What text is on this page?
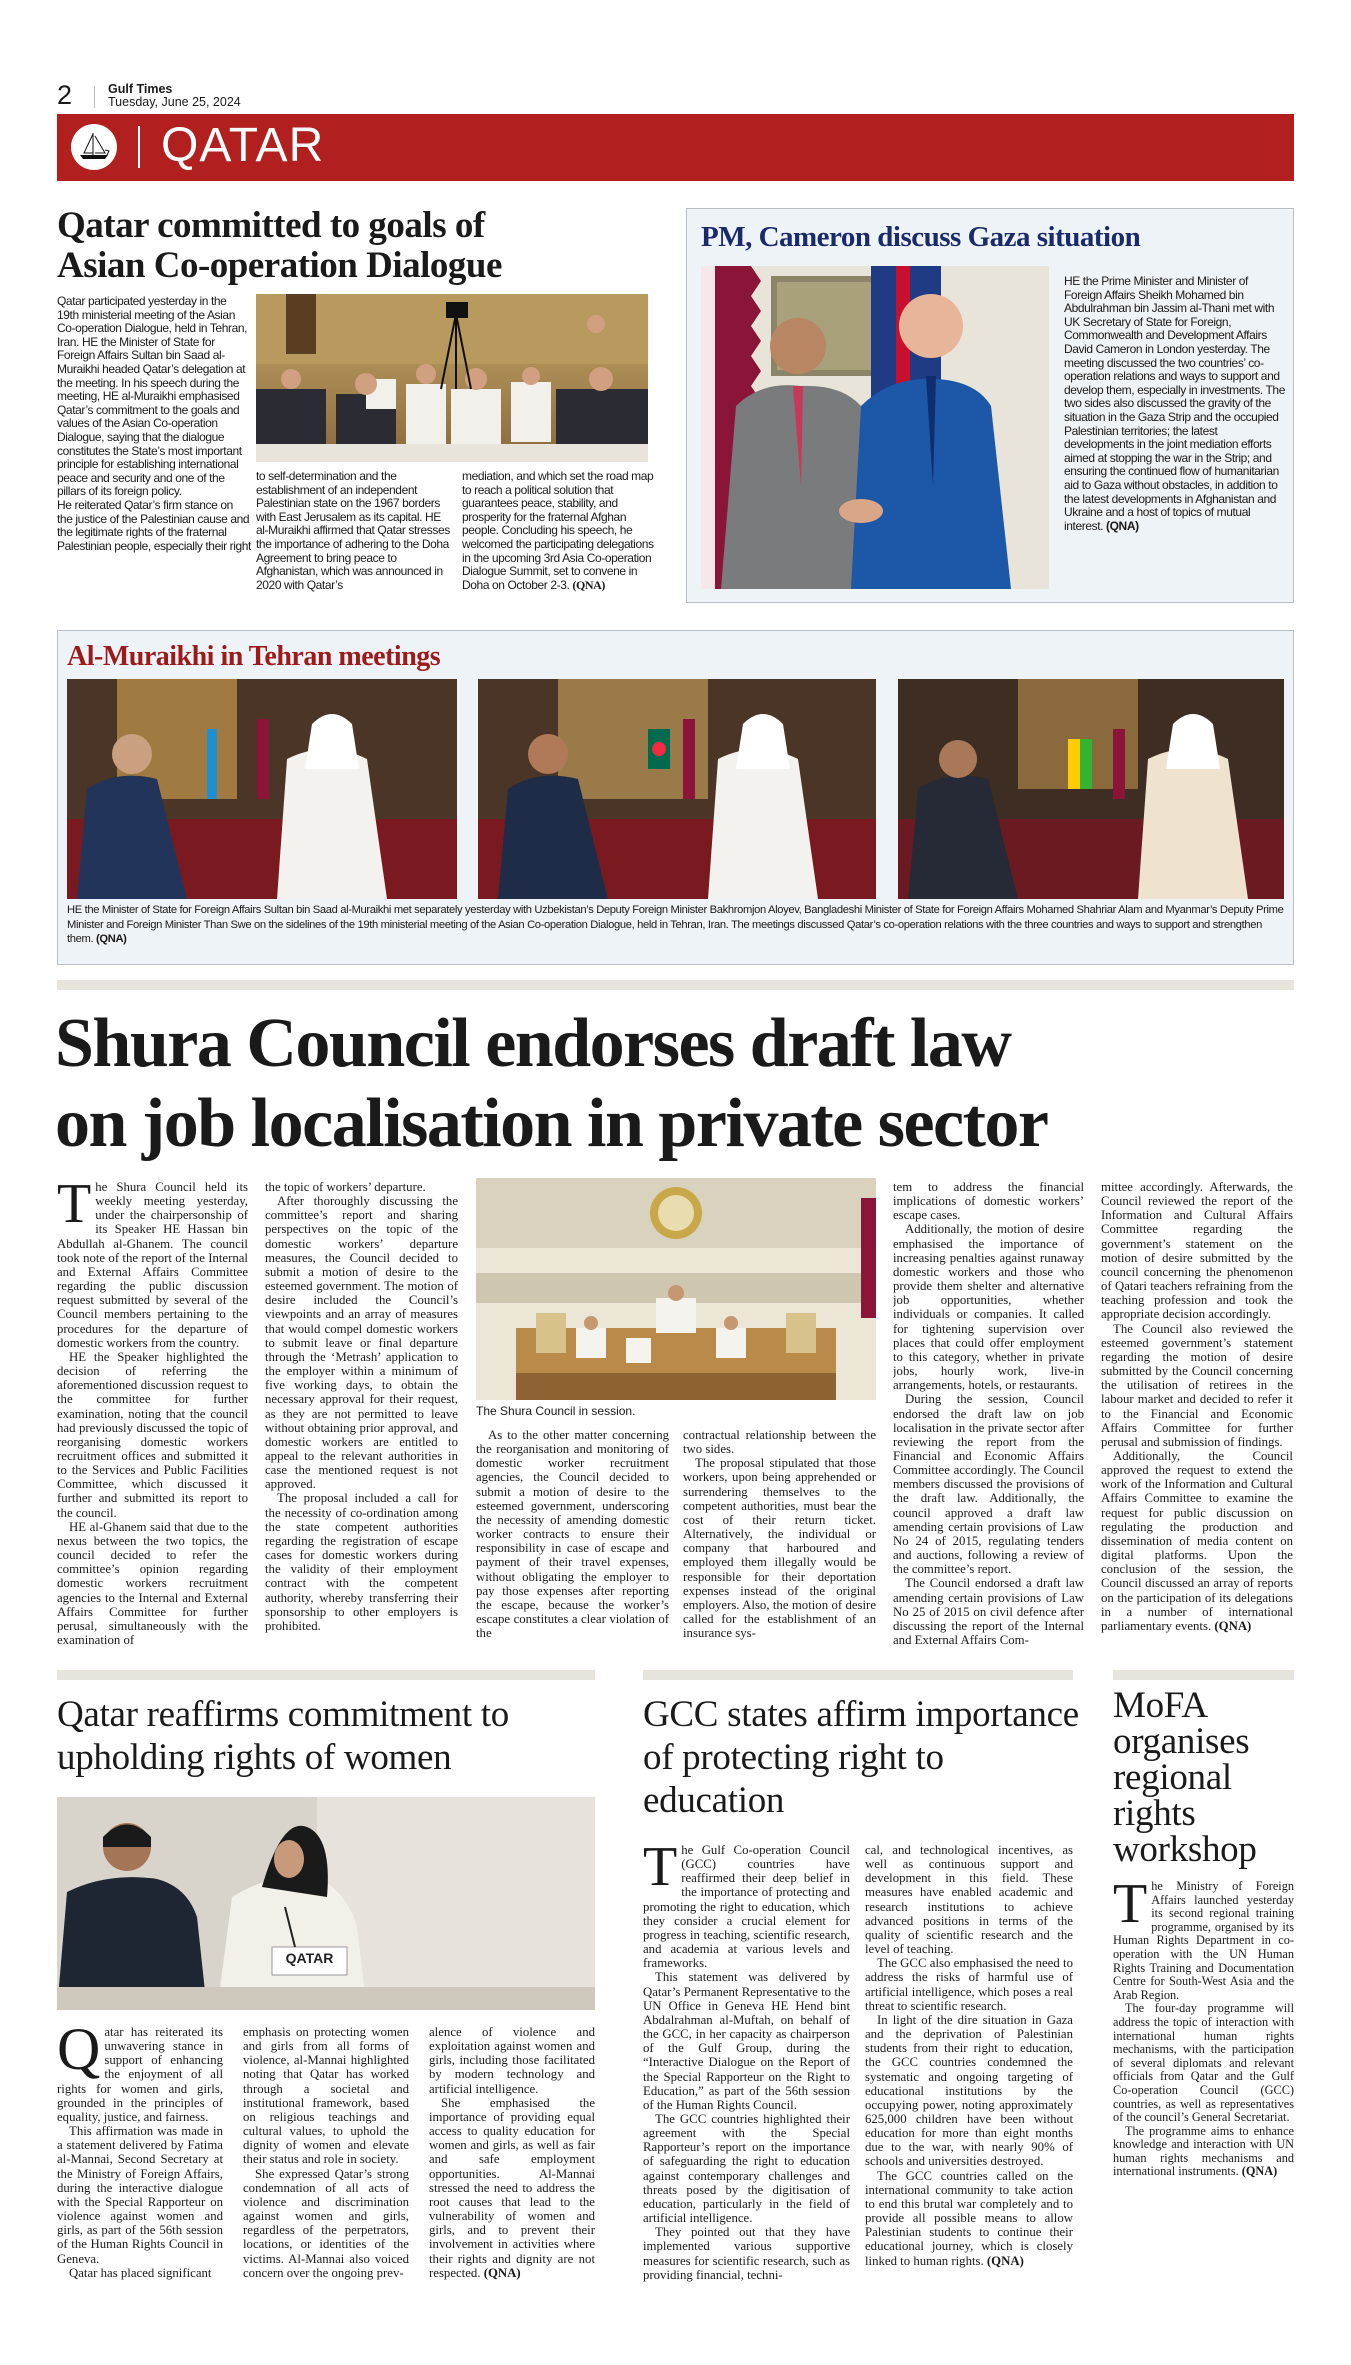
2	Gulf Times
Tuesday, June 25, 2024
QATAR
Qatar committed to goals of
Asian Co-operation Dialogue

Qatar participated yesterday in the 19th ministerial meeting of the Asian Co-operation Dialogue, held in Tehran, Iran. HE the Minister of State for Foreign Affairs Sultan bin Saad al-Muraikhi headed Qatar’s delegation at the meeting. In his speech during the meeting, HE al-Muraikhi emphasised Qatar’s commitment to the goals and values of the Asian Co-operation Dialogue, saying that the dialogue constitutes the State’s most important principle for establishing international peace and security and one of the pillars of its foreign policy.

He reiterated Qatar’s firm stance on the justice of the Palestinian cause and the legitimate rights of the fraternal Palestinian people, especially their right

to self-determination and the establishment of an independent Palestinian state on the 1967 borders with East Jerusalem as its capital. HE al-Muraikhi affirmed that Qatar stresses the importance of adhering to the Doha Agreement to bring peace to Afghanistan, which was announced in 2020 with Qatar’s

mediation, and which set the road map to reach a political solution that guarantees peace, stability, and prosperity for the fraternal Afghan people. Concluding his speech, he welcomed the participating delegations in the upcoming 3rd Asia Co-operation Dialogue Summit, set to convene in Doha on October 2-3. (QNA)

PM, Cameron discuss Gaza situation

HE the Prime Minister and Minister of Foreign Affairs Sheikh Mohamed bin Abdulrahman bin Jassim al-Thani met with UK Secretary of State for Foreign, Commonwealth and Development Affairs David Cameron in London yesterday. The meeting discussed the two countries’ co-operation relations and ways to support and develop them, especially in investments. The two sides also discussed the gravity of the situation in the Gaza Strip and the occupied Palestinian territories; the latest developments in the joint mediation efforts aimed at stopping the war in the Strip; and ensuring the continued flow of humanitarian aid to Gaza without obstacles, in addition to the latest developments in Afghanistan and Ukraine and a host of topics of mutual interest. (QNA)

Al-Muraikhi in Tehran meetings
HE the Minister of State for Foreign Affairs Sultan bin Saad al-Muraikhi met separately yesterday with Uzbekistan’s Deputy Foreign Minister Bakhromjon Aloyev, Bangladeshi Minister of State for Foreign Affairs Mohamed Shahriar Alam and Myanmar’s Deputy Prime Minister and Foreign Minister Than Swe on the sidelines of the 19th ministerial meeting of the Asian Co-operation Dialogue, held in Tehran, Iran. The meetings discussed Qatar’s co-operation relations with the three countries and ways to support and strengthen them. (QNA)
Shura Council endorses draft law
on job localisation in private sector

The Shura Council held its weekly meeting yesterday, under the chairpersonship of its Speaker HE Hassan bin Abdullah al-Ghanem. The council took note of the report of the Internal and External Affairs Committee regarding the public discussion request submitted by several of the Council members pertaining to the procedures for the departure of domestic workers from the country.

HE the Speaker highlighted the decision of referring the aforementioned discussion request to the committee for further examination, noting that the council had previously discussed the topic of reorganising domestic workers recruitment offices and submitted it to the Services and Public Facilities Committee, which discussed it further and submitted its report to the council.

HE al-Ghanem said that due to the nexus between the two topics, the council decided to refer the committee’s opinion regarding domestic workers recruitment agencies to the Internal and External Affairs Committee for further perusal, simultaneously with the examination of

the topic of workers’ departure.

After thoroughly discussing the committee’s report and sharing perspectives on the topic of the domestic workers’ departure measures, the Council decided to submit a motion of desire to the esteemed government. The motion of desire included the Council’s viewpoints and an array of measures that would compel domestic workers to submit leave or final departure through the ‘Metrash’ application to the employer within a minimum of five working days, to obtain the necessary approval for their request, as they are not permitted to leave without obtaining prior approval, and domestic workers are entitled to appeal to the relevant authorities in case the mentioned request is not approved.

The proposal included a call for the necessity of co-ordination among the state competent authorities regarding the registration of escape cases for domestic workers during the validity of their employment contract with the competent authority, whereby transferring their sponsorship to other employers is prohibited.

The Shura Council in session.

As to the other matter concerning the reorganisation and monitoring of domestic worker recruitment agencies, the Council decided to submit a motion of desire to the esteemed government, underscoring the necessity of amending domestic worker contracts to ensure their responsibility in case of escape and payment of their travel expenses, without obligating the employer to pay those expenses after reporting the escape, because the worker’s escape constitutes a clear violation of the

contractual relationship between the two sides.

The proposal stipulated that those workers, upon being apprehended or surrendering themselves to the competent authorities, must bear the cost of their return ticket. Alternatively, the individual or company that harboured and employed them illegally would be responsible for their deportation expenses instead of the original employers. Also, the motion of desire called for the establishment of an insurance sys-

tem to address the financial implications of domestic workers’ escape cases.

Additionally, the motion of desire emphasised the importance of increasing penalties against runaway domestic workers and those who provide them shelter and alternative job opportunities, whether individuals or companies. It called for tightening supervision over places that could offer employment to this category, whether in private jobs, hourly work, live-in arrangements, hotels, or restaurants.

During the session, Council endorsed the draft law on job localisation in the private sector after reviewing the report from the Financial and Economic Affairs Committee accordingly. The Council members discussed the provisions of the draft law. Additionally, the council approved a draft law amending certain provisions of Law No 24 of 2015, regulating tenders and auctions, following a review of the committee’s report.

The Council endorsed a draft law amending certain provisions of Law No 25 of 2015 on civil defence after discussing the report of the Internal and External Affairs Com-

mittee accordingly. Afterwards, the Council reviewed the report of the Information and Cultural Affairs Committee regarding the government’s statement on the motion of desire submitted by the council concerning the phenomenon of Qatari teachers refraining from the teaching profession and took the appropriate decision accordingly.

The Council also reviewed the esteemed government’s statement regarding the motion of desire submitted by the Council concerning the utilisation of retirees in the labour market and decided to refer it to the Financial and Economic Affairs Committee for further perusal and submission of findings.

Additionally, the Council approved the request to extend the work of the Information and Cultural Affairs Committee to examine the request for public discussion on regulating the production and dissemination of media content on digital platforms. Upon the conclusion of the session, the Council discussed an array of reports on the participation of its delegations in a number of international parliamentary events. (QNA)

Qatar reaffirms commitment to upholding rights of women
QATAR

Qatar has reiterated its unwavering stance in support of enhancing the enjoyment of all rights for women and girls, grounded in the principles of equality, justice, and fairness.

This affirmation was made in a statement delivered by Fatima al-Mannai, Second Secretary at the Ministry of Foreign Affairs, during the interactive dialogue with the Special Rapporteur on violence against women and girls, as part of the 56th session of the Human Rights Council in Geneva.

Qatar has placed significant

emphasis on protecting women and girls from all forms of violence, al-Mannai highlighted noting that Qatar has worked through a societal and institutional framework, based on religious teachings and cultural values, to uphold the dignity of women and elevate their status and role in society.

She expressed Qatar’s strong condemnation of all acts of violence and discrimination against women and girls, regardless of the perpetrators, locations, or identities of the victims. Al-Mannai also voiced concern over the ongoing prev-

alence of violence and exploitation against women and girls, including those facilitated by modern technology and artificial intelligence.

She emphasised the importance of providing equal access to quality education for women and girls, as well as fair and safe employment opportunities. Al-Mannai stressed the need to address the root causes that lead to the vulnerability of women and girls, and to prevent their involvement in activities where their rights and dignity are not respected. (QNA)

GCC states affirm importance of protecting right to education

The Gulf Co-operation Council (GCC) countries have reaffirmed their deep belief in the importance of protecting and promoting the right to education, which they consider a crucial element for progress in teaching, scientific research, and academia at various levels and frameworks.

This statement was delivered by Qatar’s Permanent Representative to the UN Office in Geneva HE Hend bint Abdalrahman al-Muftah, on behalf of the GCC, in her capacity as chairperson of the Gulf Group, during the “Interactive Dialogue on the Report of the Special Rapporteur on the Right to Education,” as part of the 56th session of the Human Rights Council.

The GCC countries highlighted their agreement with the Special Rapporteur’s report on the importance of safeguarding the right to education against contemporary challenges and threats posed by the digitisation of education, particularly in the field of artificial intelligence.

They pointed out that they have implemented various supportive measures for scientific research, such as providing financial, techni-

cal, and technological incentives, as well as continuous support and development in this field. These measures have enabled academic and research institutions to achieve advanced positions in terms of the quality of scientific research and the level of teaching.

The GCC also emphasised the need to address the risks of harmful use of artificial intelligence, which poses a real threat to scientific research.

In light of the dire situation in Gaza and the deprivation of Palestinian students from their right to education, the GCC countries condemned the systematic and ongoing targeting of educational institutions by the occupying power, noting approximately 625,000 children have been without education for more than eight months due to the war, with nearly 90% of schools and universities destroyed.

The GCC countries called on the international community to take action to end this brutal war completely and to provide all possible means to allow Palestinian students to continue their educational journey, which is closely linked to human rights. (QNA)

MoFA organises regional rights workshop

The Ministry of Foreign Affairs launched yesterday its second regional training programme, organised by its Human Rights Department in co-operation with the UN Human Rights Training and Documentation Centre for South-West Asia and the Arab Region.

The four-day programme will address the topic of interaction with international human rights mechanisms, with the participation of several diplomats and relevant officials from Qatar and the Gulf Co-operation Council (GCC) countries, as well as representatives of the council’s General Secretariat.

The programme aims to enhance knowledge and interaction with UN human rights mechanisms and international instruments. (QNA)
